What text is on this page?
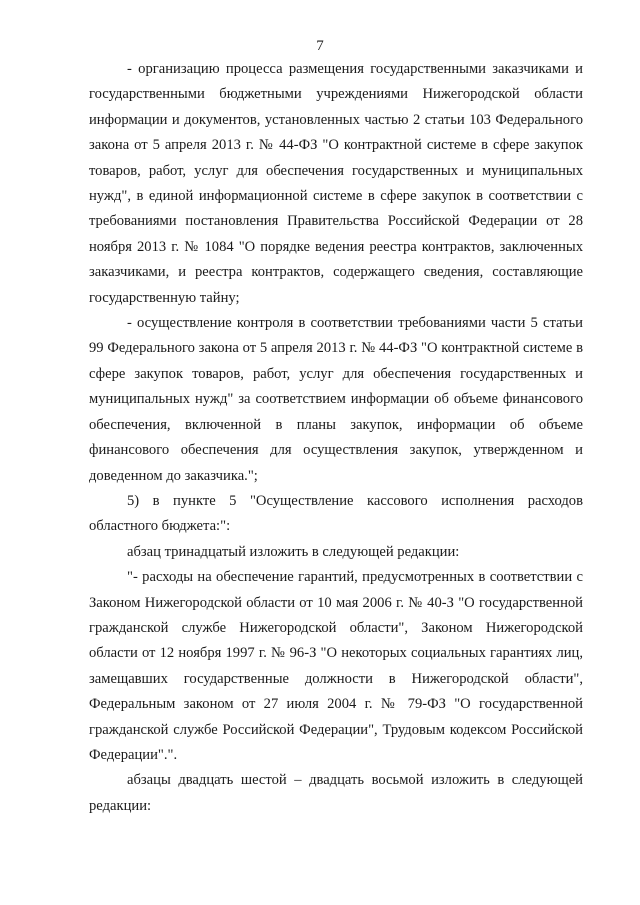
7

- организацию процесса размещения государственными заказчиками и государственными бюджетными учреждениями Нижегородской области информации и документов, установленных частью 2 статьи 103 Федерального закона от 5 апреля 2013 г. № 44-ФЗ "О контрактной системе в сфере закупок товаров, работ, услуг для обеспечения государственных и муниципальных нужд", в единой информационной системе в сфере закупок в соответствии с требованиями постановления Правительства Российской Федерации от 28 ноября 2013 г. № 1084 "О порядке ведения реестра контрактов, заключенных заказчиками, и реестра контрактов, содержащего сведения, составляющие государственную тайну;

- осуществление контроля в соответствии требованиями части 5 статьи 99 Федерального закона от 5 апреля 2013 г. № 44-ФЗ "О контрактной системе в сфере закупок товаров, работ, услуг для обеспечения государственных и муниципальных нужд" за соответствием информации об объеме финансового обеспечения, включенной в планы закупок, информации об объеме финансового обеспечения для осуществления закупок, утвержденном и доведенном до заказчика.";

5) в пункте 5 "Осуществление кассового исполнения расходов областного бюджета:":

абзац тринадцатый изложить в следующей редакции:

"- расходы на обеспечение гарантий, предусмотренных в соответствии с Законом Нижегородской области от 10 мая 2006 г. № 40-З "О государственной гражданской службе Нижегородской области", Законом Нижегородской области от 12 ноября 1997 г. № 96-З "О некоторых социальных гарантиях лиц, замещавших государственные должности в Нижегородской области", Федеральным законом от 27 июля 2004 г. № 79-ФЗ "О государственной гражданской службе Российской Федерации", Трудовым кодексом Российской Федерации".".

абзацы двадцать шестой – двадцать восьмой изложить в следующей редакции:
